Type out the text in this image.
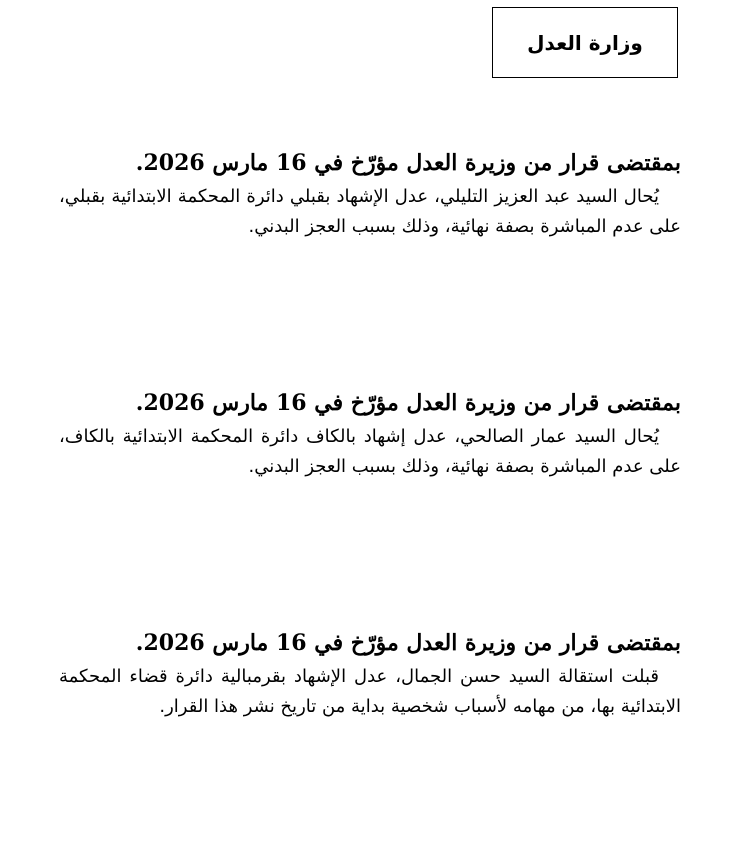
وزارة العدل
بمقتضى قرار من وزيرة العدل مؤرّخ في 16 مارس 2026.

يُحال السيد عبد العزيز التليلي، عدل الإشهاد بقبلي دائرة المحكمة الابتدائية بقبلي، على عدم المباشرة بصفة نهائية، وذلك بسبب العجز البدني.

بمقتضى قرار من وزيرة العدل مؤرّخ في 16 مارس 2026.

يُحال السيد عمار الصالحي، عدل إشهاد بالكاف دائرة المحكمة الابتدائية بالكاف، على عدم المباشرة بصفة نهائية، وذلك بسبب العجز البدني.

بمقتضى قرار من وزيرة العدل مؤرّخ في 16 مارس 2026.

قبلت استقالة السيد حسن الجمال، عدل الإشهاد بقرمبالية دائرة قضاء المحكمة الابتدائية بها، من مهامه لأسباب شخصية بداية من تاريخ نشر هذا القرار.
